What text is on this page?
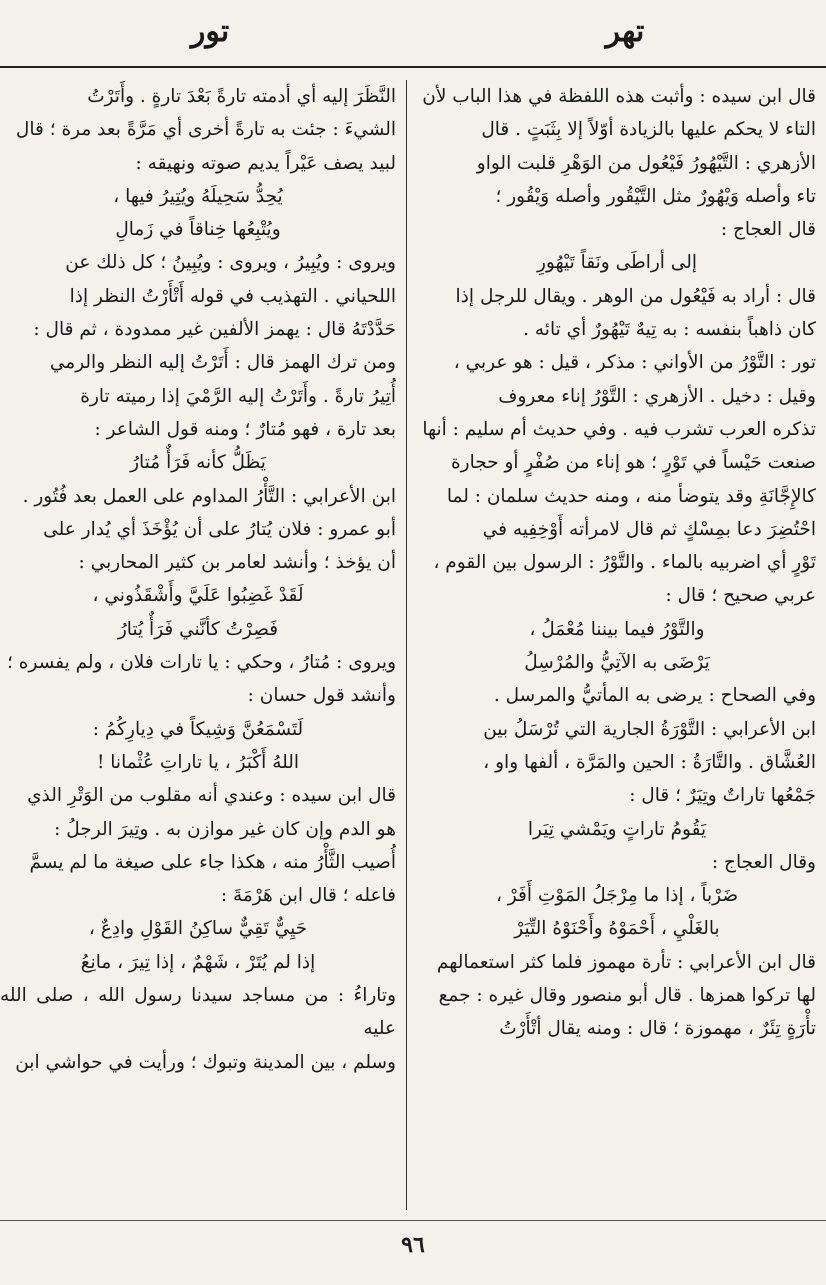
تهر
تور

قال ابن سيده : وأثبت هذه اللفظة في هذا الباب لأن

التاء لا يحكم عليها بالزيادة أوّلاً إلا بِثَبَتٍ . قال

الأزهري : التَّيْهُورُ فَيْعُول من الوَهْرِ قلبت الواو

تاء وأصله وَيْهُورٌ مثل التَّيْقُور وأصله وَيْقُور ؛

قال العجاج :

إلى أراطَى ونَقاً تَيْهُورِ

قال : أراد به فَيْعُول من الوهر . ويقال للرجل إذا

كان ذاهباً بنفسه : به تِيهٌ تَيْهُورٌ أي تائه .

تور : التَّوْرُ من الأواني : مذكر ، قيل : هو عربي ،

وقيل : دخيل . الأزهري : التَّوْرُ إناء معروف

تذكره العرب تشرب فيه . وفي حديث أم سليم : أنها

صنعت حَيْساً في تَوْرٍ ؛ هو إناء من صُفْرٍ أو حجارة

كالإِجَّانَةِ وقد يتوضأ منه ، ومنه حديث سلمان : لما

احْتُضِرَ دعا بمِسْكٍ ثم قال لامرأته أَوْخِفِيه في

تَوْرٍ أي اضربيه بالماء . والتَّوْرُ : الرسول بين القوم ،

عربي صحيح ؛ قال :

والتَّوْرُ فيما بيننا مُعْمَلُ ،

يَرْضَى به الآتِيُّ والمُرْسِلُ

وفي الصحاح : يرضى به المأتيُّ والمرسل .

ابن الأعرابي : التَّوْرَةُ الجارية التي تُرْسَلُ بين

العُشَّاق . والتَّارَةُ : الحين والمَرَّة ، ألفها واو ،

جَمْعُها تاراتٌ وتِيَرٌ ؛ قال :

يَقُومُ تاراتٍ ويَمْشي تِيَرا

وقال العجاج :

ضَرْباً ، إذا ما مِرْجَلُ المَوْتِ أَفَرْ ،

بالغَلْيِ ، أَحْمَوْهُ وأَحْنَوْهُ التِّيَرْ

قال ابن الأعرابي : تأرة مهموز فلما كثر استعمالهم

لها تركوا همزها . قال أبو منصور وقال غيره : جمع

تأْرَةٍ تِئَرٌ ، مهموزة ؛ قال : ومنه يقال أتْأَرْتُ

النَّظَرَ إليه أي أدمته تارةً بَعْدَ تارةٍ . وأَتَرْتُ

الشيءَ : جئت به تارةً أخرى أي مَرَّةً بعد مرة ؛ قال

لبيد يصف عَيْراً يديم صوته ونهيقه :

يُحِدُّ سَحِيلَهُ ويُتِيرُ فيها ،

ويُتْبِعُها خِناقاً في زَمالِ

ويروى : ويُبِيرُ ، ويروى : ويُبِينُ ؛ كل ذلك عن

اللحياني . التهذيب في قوله أَتْأَرْتُ النظر إذا

حَدَّدْتَهُ قال : يهمز الألفين غير ممدودة ، ثم قال :

ومن ترك الهمز قال : أَتَرْتُ إليه النظر والرمي

أُتِيرُ تارةً . وأَتَرْتُ إليه الرَّمْيَ إذا رميته تارة

بعد تارة ، فهو مُتارٌ ؛ ومنه قول الشاعر :

يَظَلُّ كأنه فَرَأٌ مُتارُ

ابن الأعرابي : التَّأْرُ المداوم على العمل بعد فُتُور .

أبو عمرو : فلان يُتارُ على أن يُؤْخَذَ أي يُدار على

أن يؤخذ ؛ وأنشد لعامر بن كثير المحاربي :

لَقَدْ غَضِبُوا عَلَيَّ وأَشْقَذُوني ،

فَصِرْتُ كأنَّني فَرَأٌ يُتارُ

ويروى : مُتارُ ، وحكي : يا تارات فلان ، ولم يفسره ؛

وأنشد قول حسان :

لَتَسْمَعُنَّ وَشِيكاً في دِيارِكُمُ :

اللهُ أَكْبَرُ ، يا تاراتِ عُثْمانا !

قال ابن سيده : وعندي أنه مقلوب من الوَتْرِ الذي

هو الدم وإن كان غير موازن به . وتِيرَ الرجلُ :

أُصيب الثَّأْرُ منه ، هكذا جاء على صيغة ما لم يسمَّ

فاعله ؛ قال ابن هَرْمَةَ :

حَيِيٌّ تَقِيٌّ ساكِنُ القَوْلِ وادِعٌ ،

إذا لم يُتَرْ ، شَهْمٌ ، إذا تِيرَ ، مانِعُ

وتاراءُ : من مساجد سيدنا رسول الله ، صلى الله عليه

وسلم ، بين المدينة وتبوك ؛ ورأيت في حواشي ابن

٩٦
